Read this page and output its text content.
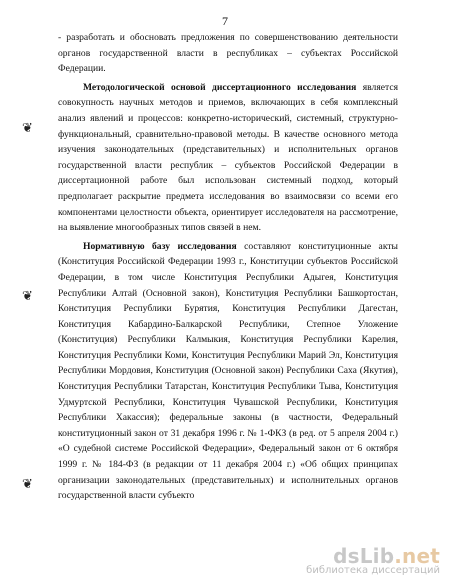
7
❦
❦
❦

- разработать и обосновать предложения по совершенствованию деятельности органов государственной власти в республиках – субъектах Российской Федерации.

Методологической основой диссертационного исследования является совокупность научных методов и приемов, включающих в себя комплексный анализ явлений и процессов: конкретно-исторический, системный, структурно-функциональный, сравнительно-правовой методы. В качестве основного метода изучения законодательных (представительных) и исполнительных органов государственной власти республик – субъектов Российской Федерации в диссертационной работе был использован системный подход, который предполагает раскрытие предмета исследования во взаимосвязи со всеми его компонентами целостности объекта, ориентирует исследователя на рассмотрение, на выявление многообразных типов связей в нем.

Нормативную базу исследования составляют конституционные акты (Конституция Российской Федерации 1993 г., Конституции субъектов Российской Федерации, в том числе Конституция Республики Адыгея, Конституция Республики Алтай (Основной закон), Конституция Республики Башкортостан, Конституция Республики Бурятия, Конституция Республики Дагестан, Конституция Кабардино-Балкарской Республики, Степное Уложение (Конституция) Республики Калмыкия, Конституция Республики Карелия, Конституция Республики Коми, Конституция Республики Марий Эл, Конституция Республики Мордовия, Конституция (Основной закон) Республики Саха (Якутия), Конституция Республики Татарстан, Конституция Республики Тыва, Конституция Удмуртской Республики, Конституция Чувашской Республики, Конституция Республики Хакассия); федеральные законы (в частности, Федеральный конституционный закон от 31 декабря 1996 г. № 1-ФКЗ (в ред. от 5 апреля 2004 г.) «О судебной системе Российской Федерации», Федеральный закон от 6 октября 1999 г. № 184-ФЗ (в редакции от 11 декабря 2004 г.) «Об общих принципах организации законодательных (представительных) и исполнительных органов государственной власти субъекто

dsLib.net
библиотека диссертаций
